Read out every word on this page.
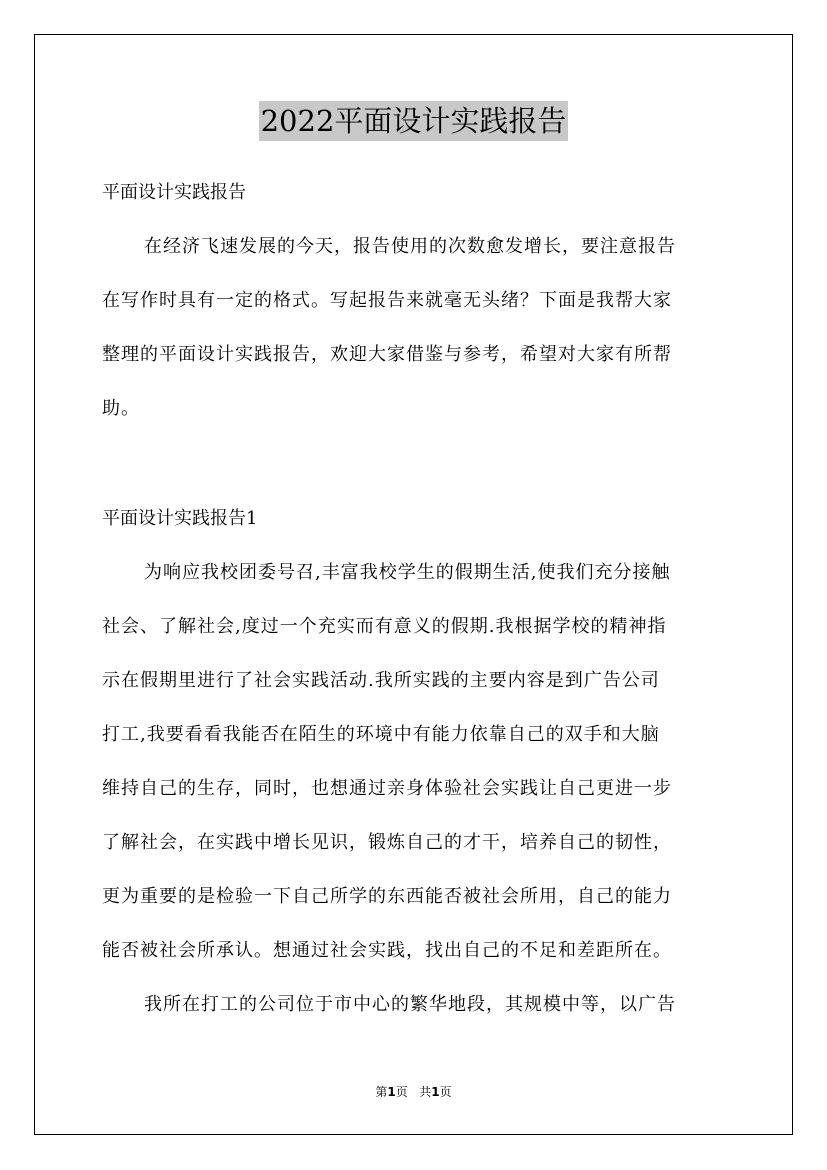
2022平面设计实践报告
平面设计实践报告
在经济飞速发展的今天，报告使用的次数愈发增长，要注意报告
在写作时具有一定的格式。写起报告来就毫无头绪？下面是我帮大家
整理的平面设计实践报告，欢迎大家借鉴与参考，希望对大家有所帮
助。
平面设计实践报告1
为响应我校团委号召,丰富我校学生的假期生活,使我们充分接触
社会、了解社会,度过一个充实而有意义的假期.我根据学校的精神指
示在假期里进行了社会实践活动.我所实践的主要内容是到广告公司
打工,我要看看我能否在陌生的环境中有能力依靠自己的双手和大脑
维持自己的生存，同时，也想通过亲身体验社会实践让自己更进一步
了解社会，在实践中增长见识，锻炼自己的才干，培养自己的韧性，
更为重要的是检验一下自己所学的东西能否被社会所用，自己的能力
能否被社会所承认。想通过社会实践，找出自己的不足和差距所在。
我所在打工的公司位于市中心的繁华地段，其规模中等，以广告
第1页 共1页
